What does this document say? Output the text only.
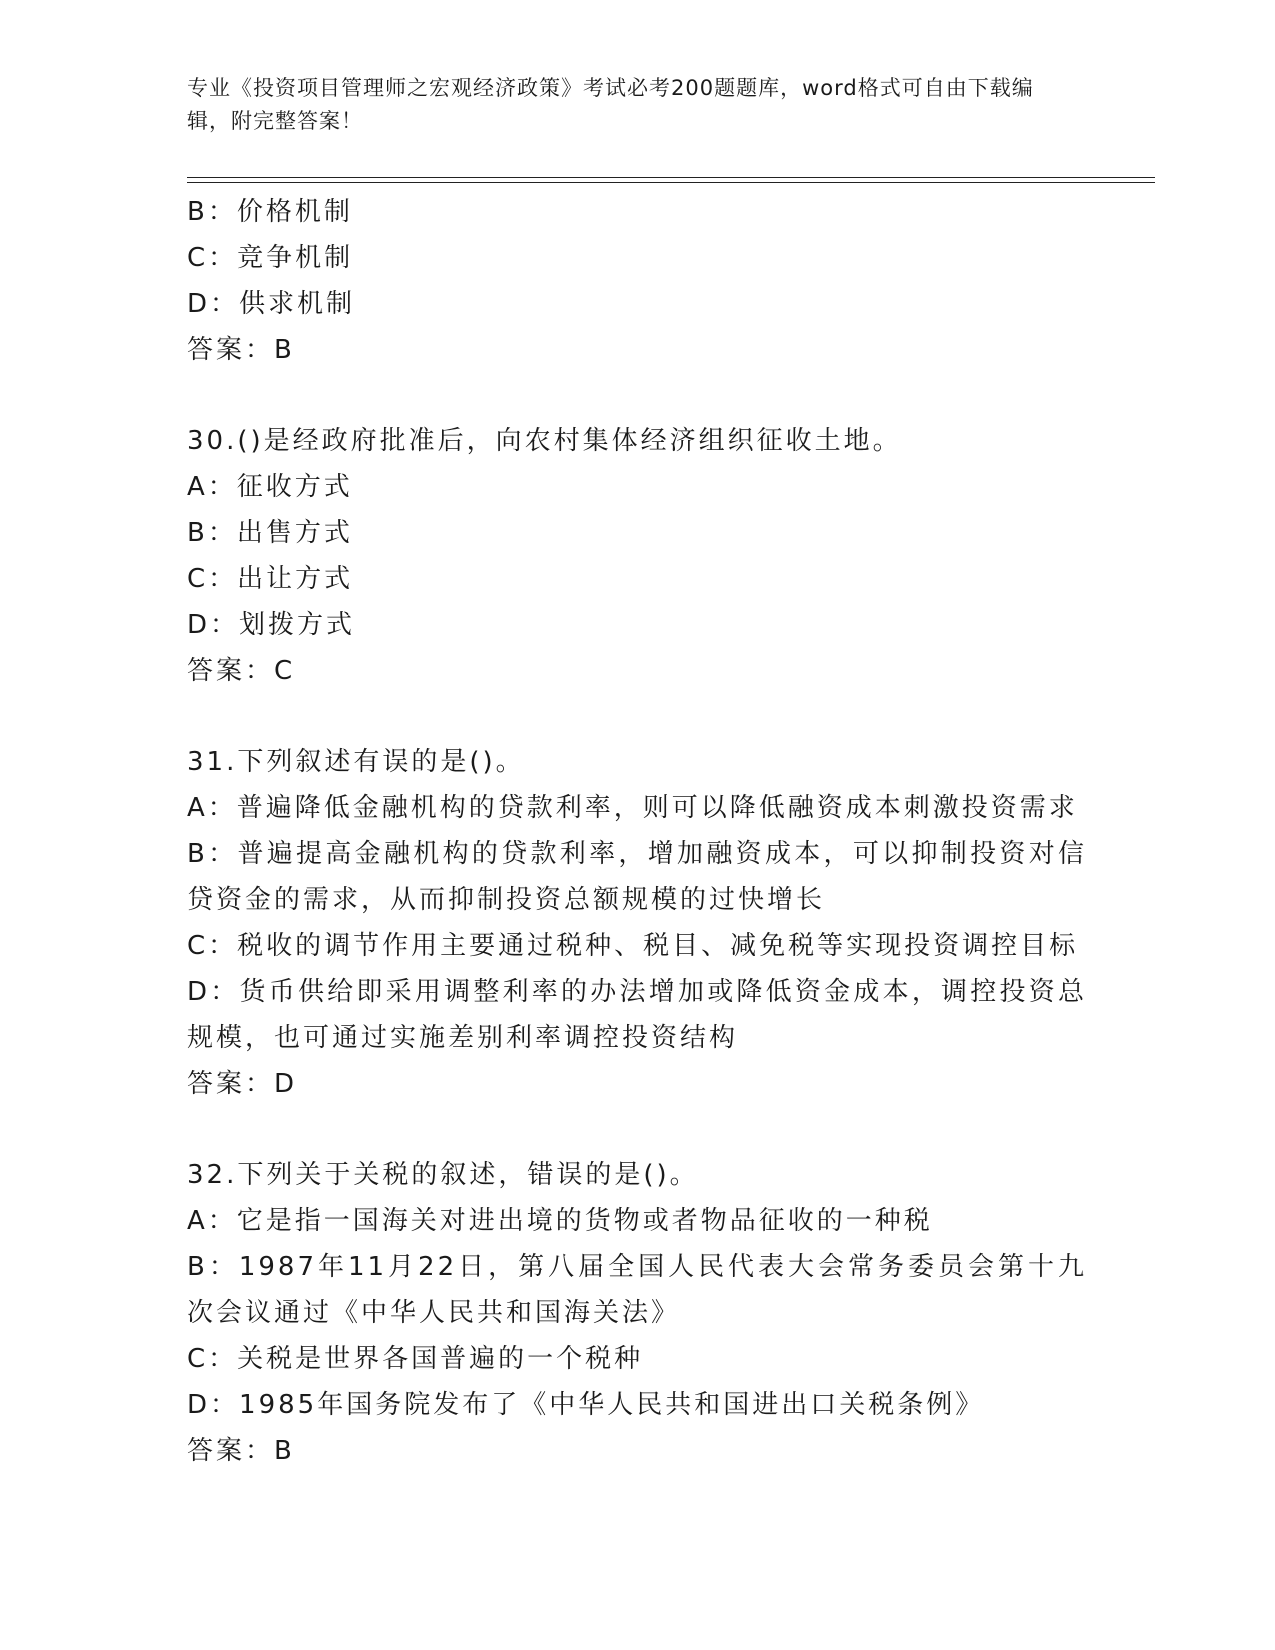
专业《投资项目管理师之宏观经济政策》考试必考200题题库，word格式可自由下载编辑，附完整答案！

B：价格机制

C：竞争机制

D：供求机制

答案：B

30.()是经政府批准后，向农村集体经济组织征收土地。

A：征收方式

B：出售方式

C：出让方式

D：划拨方式

答案：C

31.下列叙述有误的是()。

A：普遍降低金融机构的贷款利率，则可以降低融资成本刺激投资需求

B：普遍提高金融机构的贷款利率，增加融资成本，可以抑制投资对信贷资金的需求，从而抑制投资总额规模的过快增长

C：税收的调节作用主要通过税种、税目、减免税等实现投资调控目标

D：货币供给即采用调整利率的办法增加或降低资金成本，调控投资总规模，也可通过实施差别利率调控投资结构

答案：D

32.下列关于关税的叙述，错误的是()。

A：它是指一国海关对进出境的货物或者物品征收的一种税

B：1987年11月22日，第八届全国人民代表大会常务委员会第十九次会议通过《中华人民共和国海关法》

C：关税是世界各国普遍的一个税种

D：1985年国务院发布了《中华人民共和国进出口关税条例》

答案：B
